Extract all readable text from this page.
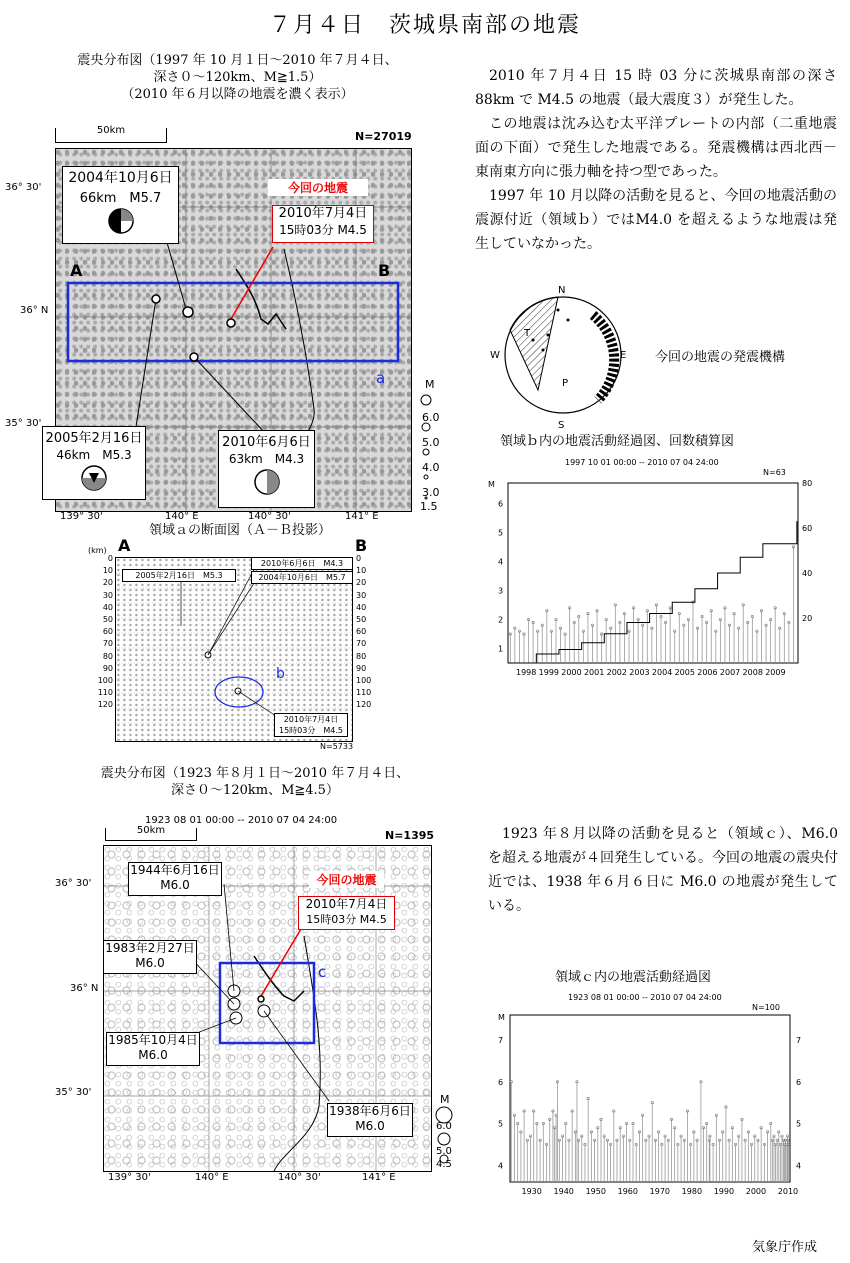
７月４日　茨城県南部の地震
震央分布図（1997 年 10 月１日～2010 年７月４日、
深さ０～120km、M≧1.5）
（2010 年６月以降の地震を濃く表示）
50km	N=27019
A	B
a
今回の地震
36° 30'
36° N
35° 30'
139° 30'	140° E	140° 30'	141° E
M
6.0
5.0
4.0
3.0
1.5
2004年10月6日
66km　M5.7
2010年7月4日
15時03分 M4.5
2005年2月16日
46km　M5.3
2010年6月6日
63km　M4.3
2010 年７月４日 15 時 03 分に茨城県南部の深さ 88km で M4.5 の地震（最大震度３）が発生した。
この地震は沈み込む太平洋プレートの内部（二重地震面の下面）で発生した地震である。発震機構は西北西－東南東方向に張力軸を持つ型であった。
1997 年 10 月以降の活動を見ると、今回の地震活動の震源付近（領域ｂ）ではM4.0 を超えるような地震は発生していなかった。
N
S
E
W
T
P
今回の地震の発震機構
領域ｂ内の地震活動経過図、回数積算図
1997 10 01 00:00 -- 2010 07 04 24:00
N=63
M
1
2
3
4
5
6
20
40
60
80
1998 1999 2000 2001 2002 2003 2004 2005 2006 2007 2008 2009
領域ａの断面図（Ａ－Ｂ投影）
A	B
(km)
b
2010年6月6日　M4.3
2005年2月16日　M5.3	2004年10月6日　M5.7
2010年7月4日
15時03分　M4.5
0
10
20
30
40
50
60
70
80
90
100
110
120
0
10
20
30
40
50
60
70
80
90
100
110
120
N=5733
震央分布図（1923 年８月１日～2010 年７月４日、
深さ０～120km、M≧4.5）
1923 08 01 00:00 -- 2010 07 04 24:00
50km	N=1395
今回の地震
c
36° 30'
36° N
35° 30'
139° 30'	140° E	140° 30'	141° E
M
6.0
5.0
4.5
1944年6月16日
M6.0
2010年7月4日
15時03分 M4.5
1983年2月27日
M6.0
1985年10月4日
M6.0
1938年6月6日
M6.0
1923 年８月以降の活動を見ると（領域ｃ）、M6.0 を超える地震が４回発生している。今回の地震の震央付近では、1938 年６月６日に M6.0 の地震が発生している。
領域ｃ内の地震活動経過図
1923 08 01 00:00 -- 2010 07 04 24:00
N=100
M
4	4
5	5
6	6
7	7
1930 1940 1950 1960 1970 1980 1990 2000 2010
気象庁作成
